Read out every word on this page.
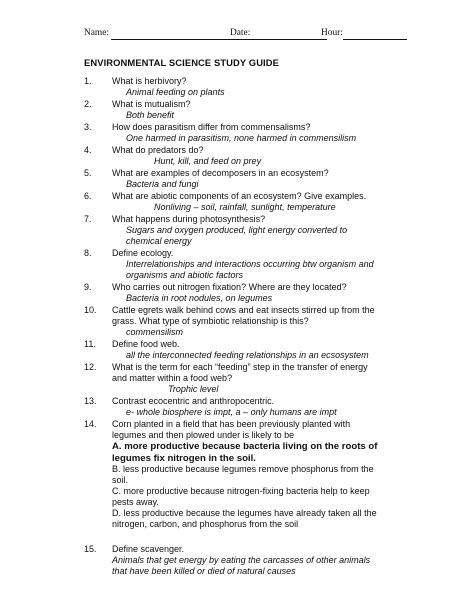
Name:	Date:	Hour:
ENVIRONMENTAL SCIENCE STUDY GUIDE
1.	What is herbivory?
Animal feeding on plants
2.	What is mutualism?
Both benefit
3.	How does parasitism differ from commensalisms?
One harmed in parasitism, none harmed in commensilism
4.	What do predators do?
Hunt, kill, and feed on prey
5.	What are examples of decomposers in an ecosystem?
Bacteria and fungi
6.	What are abiotic components of an ecosystem? Give examples.
Nonliving – soil, rainfall, sunlight, temperature
7.	What happens during photosynthesis?
Sugars and oxygen produced, light energy converted to chemical energy
8.	Define ecology.
Interrelationships and interactions occurring btw organism and organisms and abiotic factors
9.	Who carries out nitrogen fixation? Where are they located?
Bacteria in root nodules, on legumes
10.	Cattle egrets walk behind cows and eat insects stirred up from the grass. What type of symbiotic relationship is this?
commensilism
11.	Define food web.
all the interconnected feeding relationships in an ecsosystem
12.	What is the term for each “feeding” step in the transfer of energy and matter within a food web?
Trophic level
13.	Contrast ecocentric and anthropocentric.
e- whole biosphere is impt, a – only humans are impt
14.	Corn planted in a field that has been previously planted with legumes and then plowed under is likely to be
A. more productive because bacteria living on the roots of legumes fix nitrogen in the soil.
B. less productive because legumes remove phosphorus from the soil.
C. more productive because nitrogen-fixing bacteria help to keep pests away.
D. less productive because the legumes have already taken all the nitrogen, carbon, and phosphorus from the soil
15.	Define scavenger.
Animals that get energy by eating the carcasses of other animals that have been killed or died of natural causes
